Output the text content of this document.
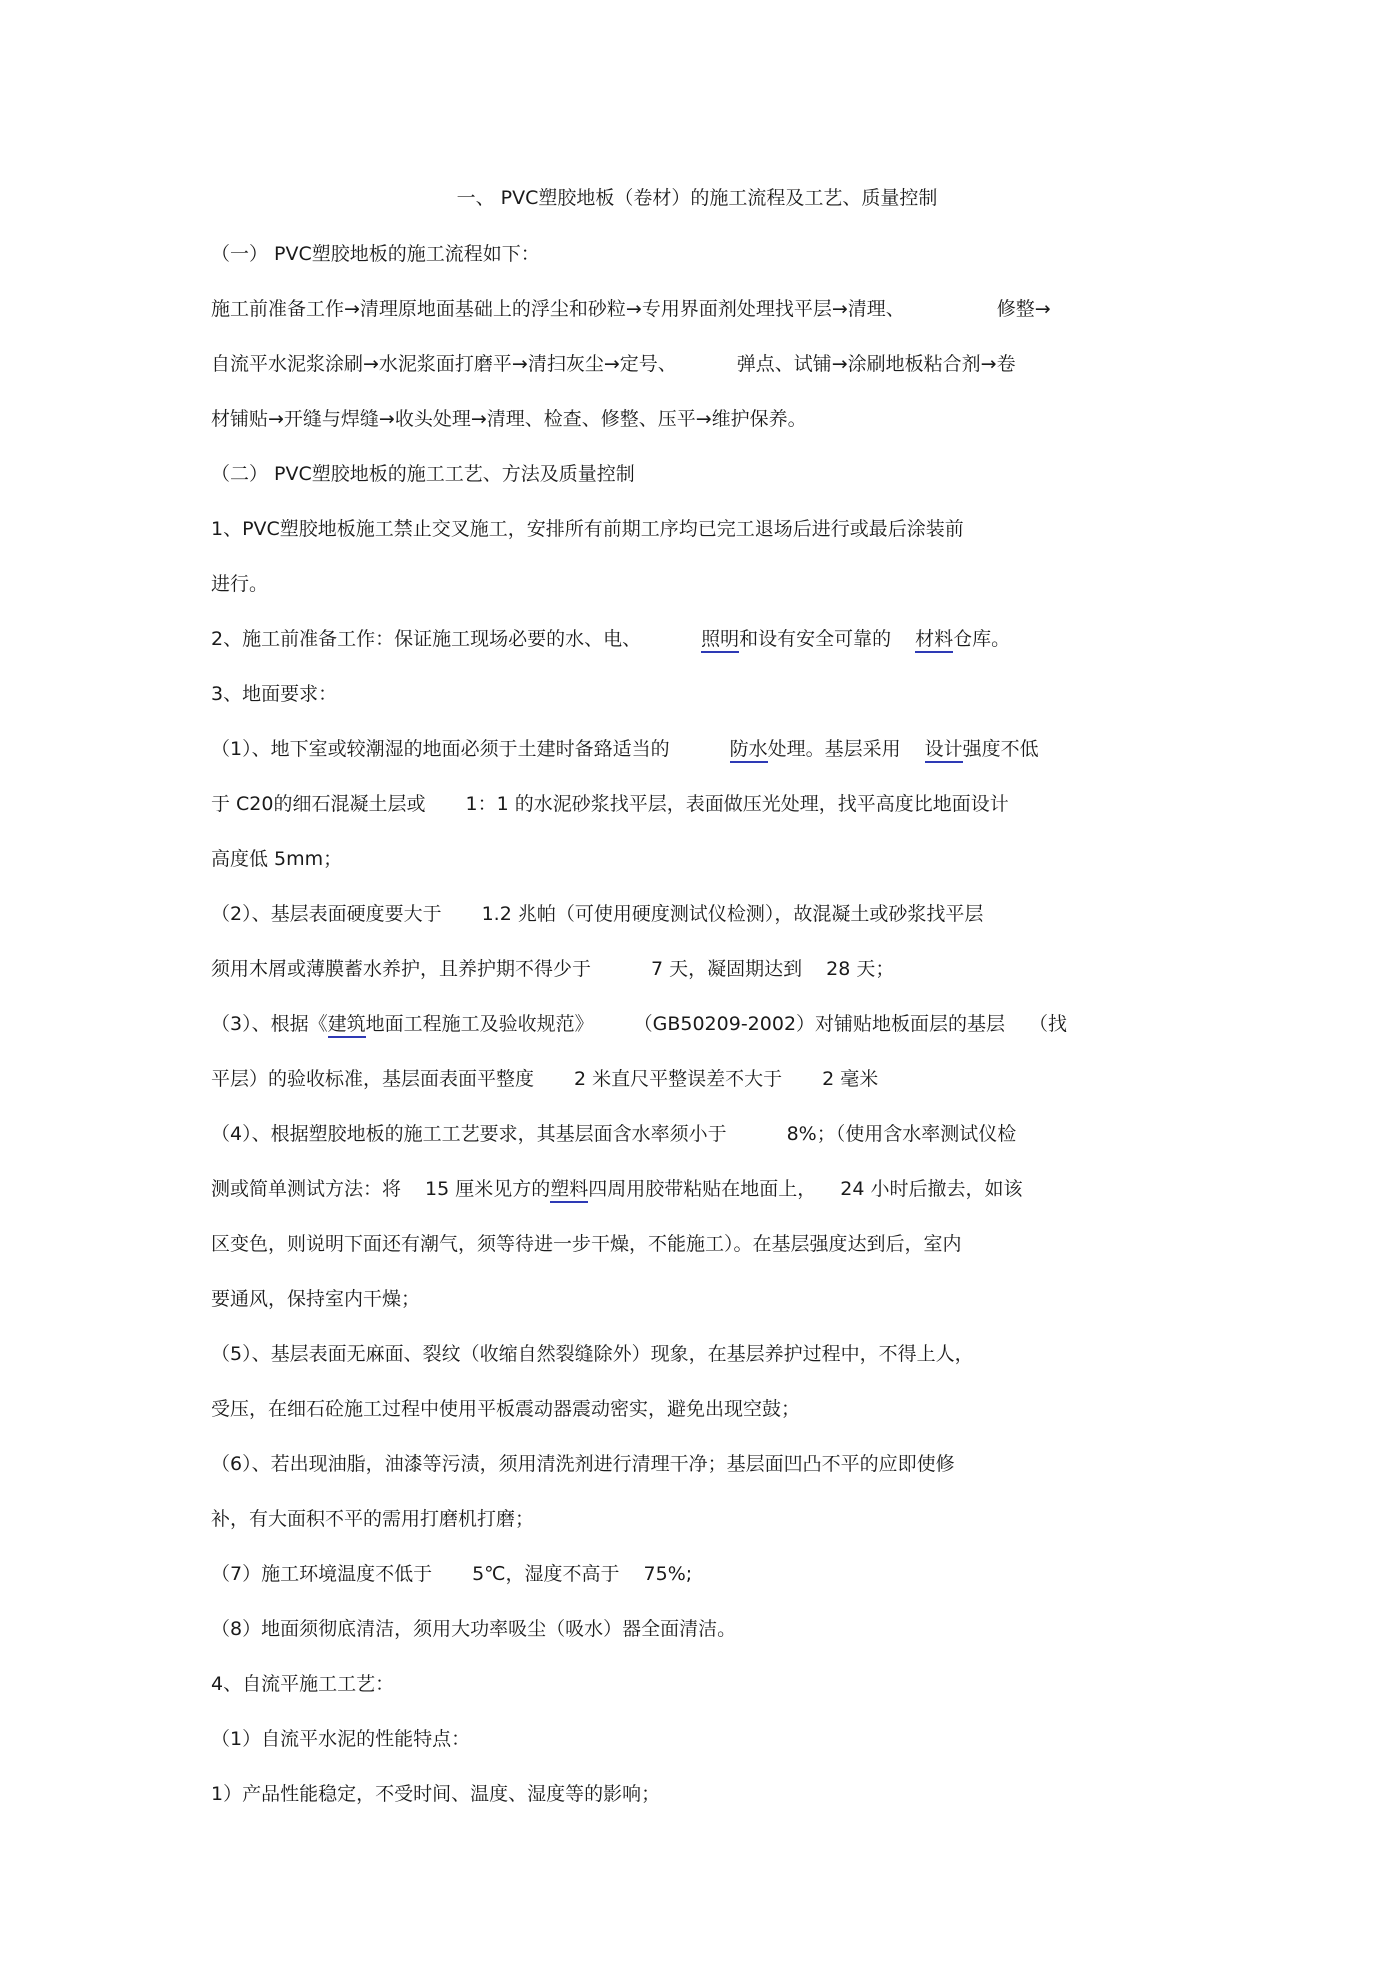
一、 PVC塑胶地板（卷材）的施工流程及工艺、质量控制
（一） PVC塑胶地板的施工流程如下：
施工前准备工作→清理原地面基础上的浮尘和砂粒→专用界面剂处理找平层→清理、	修整→
自流平水泥浆涂刷→水泥浆面打磨平→清扫灰尘→定号、	弹点、试铺→涂刷地板粘合剂→卷
材铺贴→开缝与焊缝→收头处理→清理、检查、修整、压平→维护保养。
（二） PVC塑胶地板的施工工艺、方法及质量控制
1、PVC塑胶地板施工禁止交叉施工，安排所有前期工序均已完工退场后进行或最后涂装前
进行。
2、施工前准备工作：保证施工现场必要的水、电、	照明和设有安全可靠的 材料仓库。
3、地面要求：
（1）、地下室或较潮湿的地面必须于土建时备臵适当的	防水处理。基层采用 设计强度不低
于 C20的细石混凝土层或 1：1 的水泥砂浆找平层，表面做压光处理，找平高度比地面设计
高度低 5mm；
（2）、基层表面硬度要大于 1.2 兆帕（可使用硬度测试仪检测），故混凝土或砂浆找平层
须用木屑或薄膜蓄水养护，且养护期不得少于	7 天，凝固期达到 28 天；
（3）、根据《建筑地面工程施工及验收规范》 （GB50209-2002）对铺贴地板面层的基层 （找
平层）的验收标准，基层面表面平整度 2 米直尺平整误差不大于 2 毫米
（4）、根据塑胶地板的施工工艺要求，其基层面含水率须小于	8%；（使用含水率测试仪检
测或简单测试方法：将 15 厘米见方的塑料四周用胶带粘贴在地面上， 24 小时后撤去，如该
区变色，则说明下面还有潮气，须等待进一步干燥，不能施工）。在基层强度达到后，室内
要通风，保持室内干燥；
（5）、基层表面无麻面、裂纹（收缩自然裂缝除外）现象，在基层养护过程中，不得上人，
受压，在细石砼施工过程中使用平板震动器震动密实，避免出现空鼓；
（6）、若出现油脂，油漆等污渍，须用清洗剂进行清理干净；基层面凹凸不平的应即使修
补，有大面积不平的需用打磨机打磨；
（7）施工环境温度不低于 5℃，湿度不高于 75%;
（8）地面须彻底清洁，须用大功率吸尘（吸水）器全面清洁。
4、自流平施工工艺：
（1）自流平水泥的性能特点：
1）产品性能稳定，不受时间、温度、湿度等的影响；
